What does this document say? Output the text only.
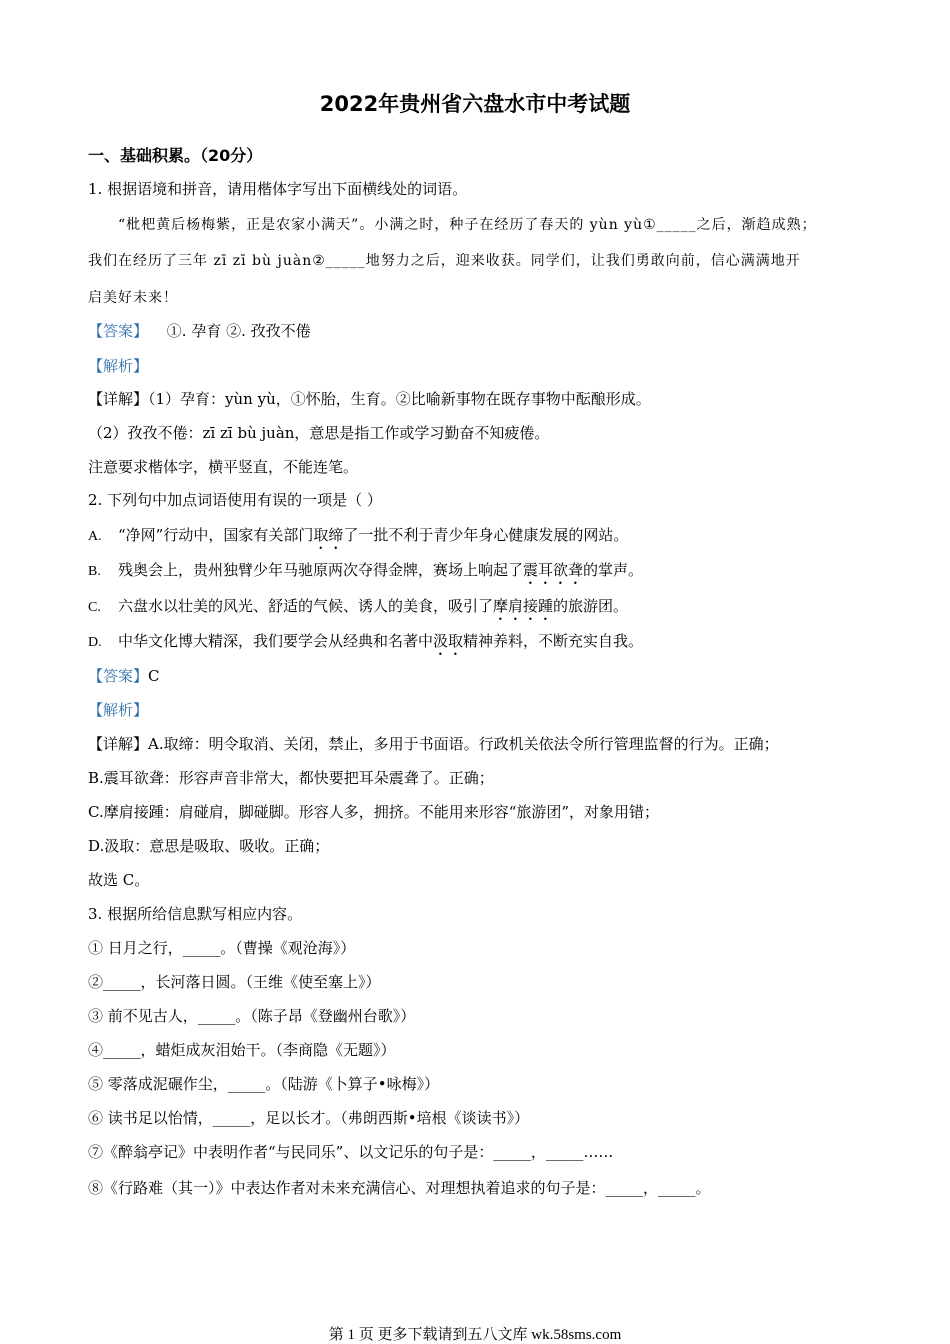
2022年贵州省六盘水市中考试题
一、基础积累。（20分）
1. 根据语境和拼音，请用楷体字写出下面横线处的词语。
“枇杷黄后杨梅紫，正是农家小满天”。小满之时，种子在经历了春天的 yùn yù①_____之后，渐趋成熟；
我们在经历了三年 zī zī bù juàn②_____地努力之后，迎来收获。同学们，让我们勇敢向前，信心满满地开
启美好未来！
【答案】 ①. 孕育 ②. 孜孜不倦
【解析】
【详解】（1）孕育：yùn yù，①怀胎，生育。②比喻新事物在既存事物中酝酿形成。
（2）孜孜不倦：zī zī bù juàn，意思是指工作或学习勤奋不知疲倦。
注意要求楷体字，横平竖直，不能连笔。
2. 下列句中加点词语使用有误的一项是（ ）
A. “净网”行动中，国家有关部门取缔了一批不利于青少年身心健康发展的网站。
B. 残奥会上，贵州独臂少年马驰原两次夺得金牌，赛场上响起了震耳欲聋的掌声。
C. 六盘水以壮美的风光、舒适的气候、诱人的美食，吸引了摩肩接踵的旅游团。
D. 中华文化博大精深，我们要学会从经典和名著中汲取精神养料，不断充实自我。
【答案】C
【解析】
【详解】A.取缔：明令取消、关闭，禁止，多用于书面语。行政机关依法令所行管理监督的行为。正确；
B.震耳欲聋：形容声音非常大，都快要把耳朵震聋了。正确；
C.摩肩接踵：肩碰肩，脚碰脚。形容人多，拥挤。不能用来形容“旅游团”，对象用错；
D.汲取：意思是吸取、吸收。正确；
故选 C。
3. 根据所给信息默写相应内容。
① 日月之行，_____。（曹操《观沧海》）
②_____，长河落日圆。（王维《使至塞上》）
③ 前不见古人，_____。（陈子昂《登幽州台歌》）
④_____，蜡炬成灰泪始干。（李商隐《无题》）
⑤ 零落成泥碾作尘，_____。（陆游《卜算子•咏梅》）
⑥ 读书足以怡情，_____，足以长才。（弗朗西斯•培根《谈读书》）
⑦《醉翁亭记》中表明作者“与民同乐”、以文记乐的句子是：_____，_____……
⑧《行路难（其一）》中表达作者对未来充满信心、对理想执着追求的句子是：_____，_____。
第 1 页 更多下载请到五八文库 wk.58sms.com
